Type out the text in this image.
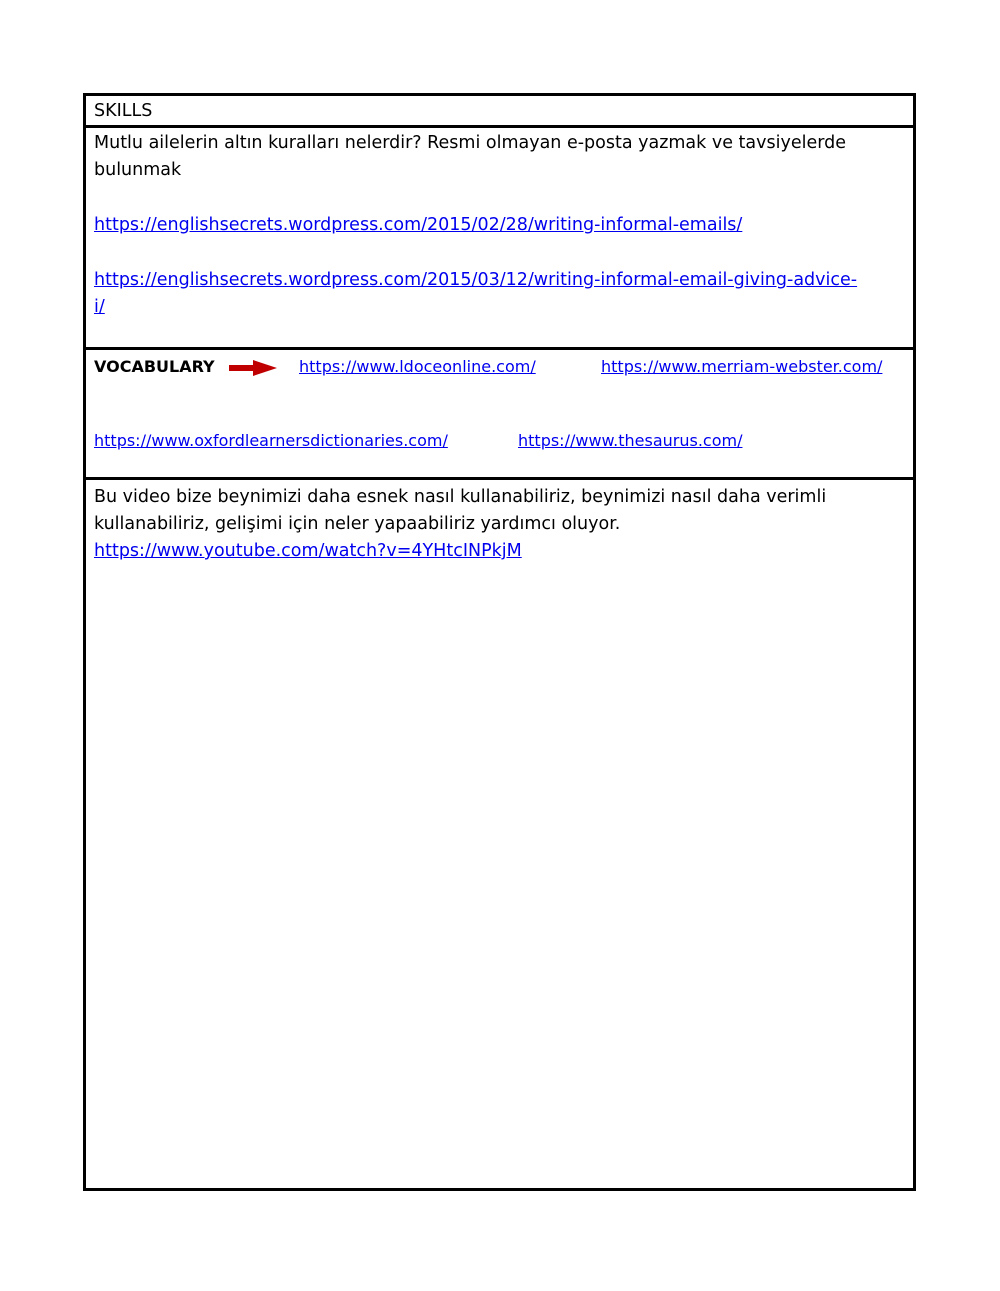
SKILLS
Mutlu ailelerin altın kuralları nelerdir? Resmi olmayan e-posta yazmak ve tavsiyelerde
bulunmak
https://englishsecrets.wordpress.com/2015/02/28/writing-informal-emails/
https://englishsecrets.wordpress.com/2015/03/12/writing-informal-email-giving-advice-
i/
VOCABULARY	https://www.ldoceonline.com/	https://www.merriam-webster.com/
https://www.oxfordlearnersdictionaries.com/	https://www.thesaurus.com/
Bu video bize beynimizi daha esnek nasıl kullanabiliriz, beynimizi nasıl daha verimli
kullanabiliriz, gelişimi için neler yapaabiliriz yardımcı oluyor.
https://www.youtube.com/watch?v=4YHtcINPkjM
